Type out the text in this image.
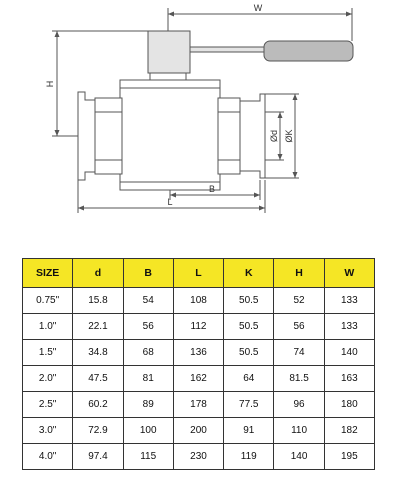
W
H
Ød ØK
B
L
SIZE	d	B	L	K	H	W
0.75"	15.8	54	108	50.5	52	133
1.0"	22.1	56	112	50.5	56	133
1.5"	34.8	68	136	50.5	74	140
2.0"	47.5	81	162	64	81.5	163
2.5"	60.2	89	178	77.5	96	180
3.0"	72.9	100	200	91	110	182
4.0"	97.4	115	230	119	140	195
